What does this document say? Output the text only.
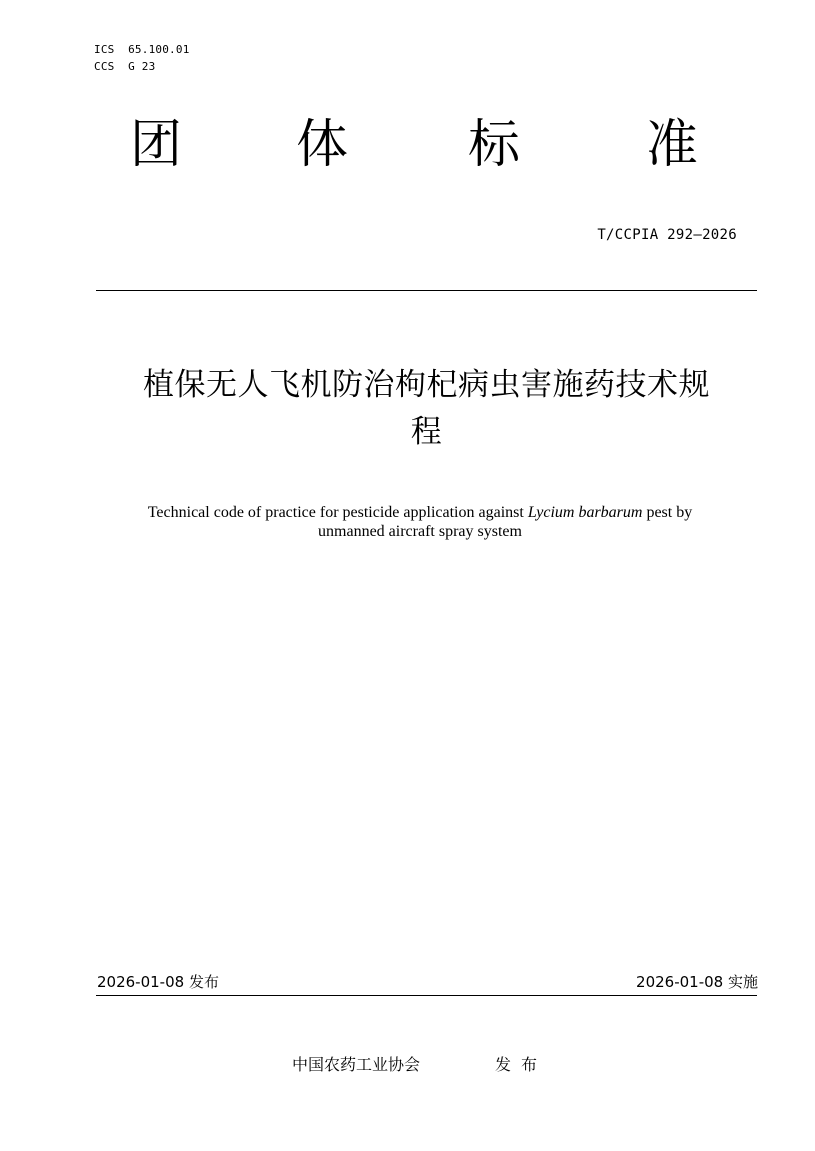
ICS  65.100.01
CCS  G 23
团 体 标 准
T/CCPIA 292—2026
植保无人飞机防治枸杞病虫害施药技术规
程
Technical code of practice for pesticide application against Lycium barbarum pest by
unmanned aircraft spray system
2026-01-08 发布	2026-01-08 实施
中国农药工业协会	发布
